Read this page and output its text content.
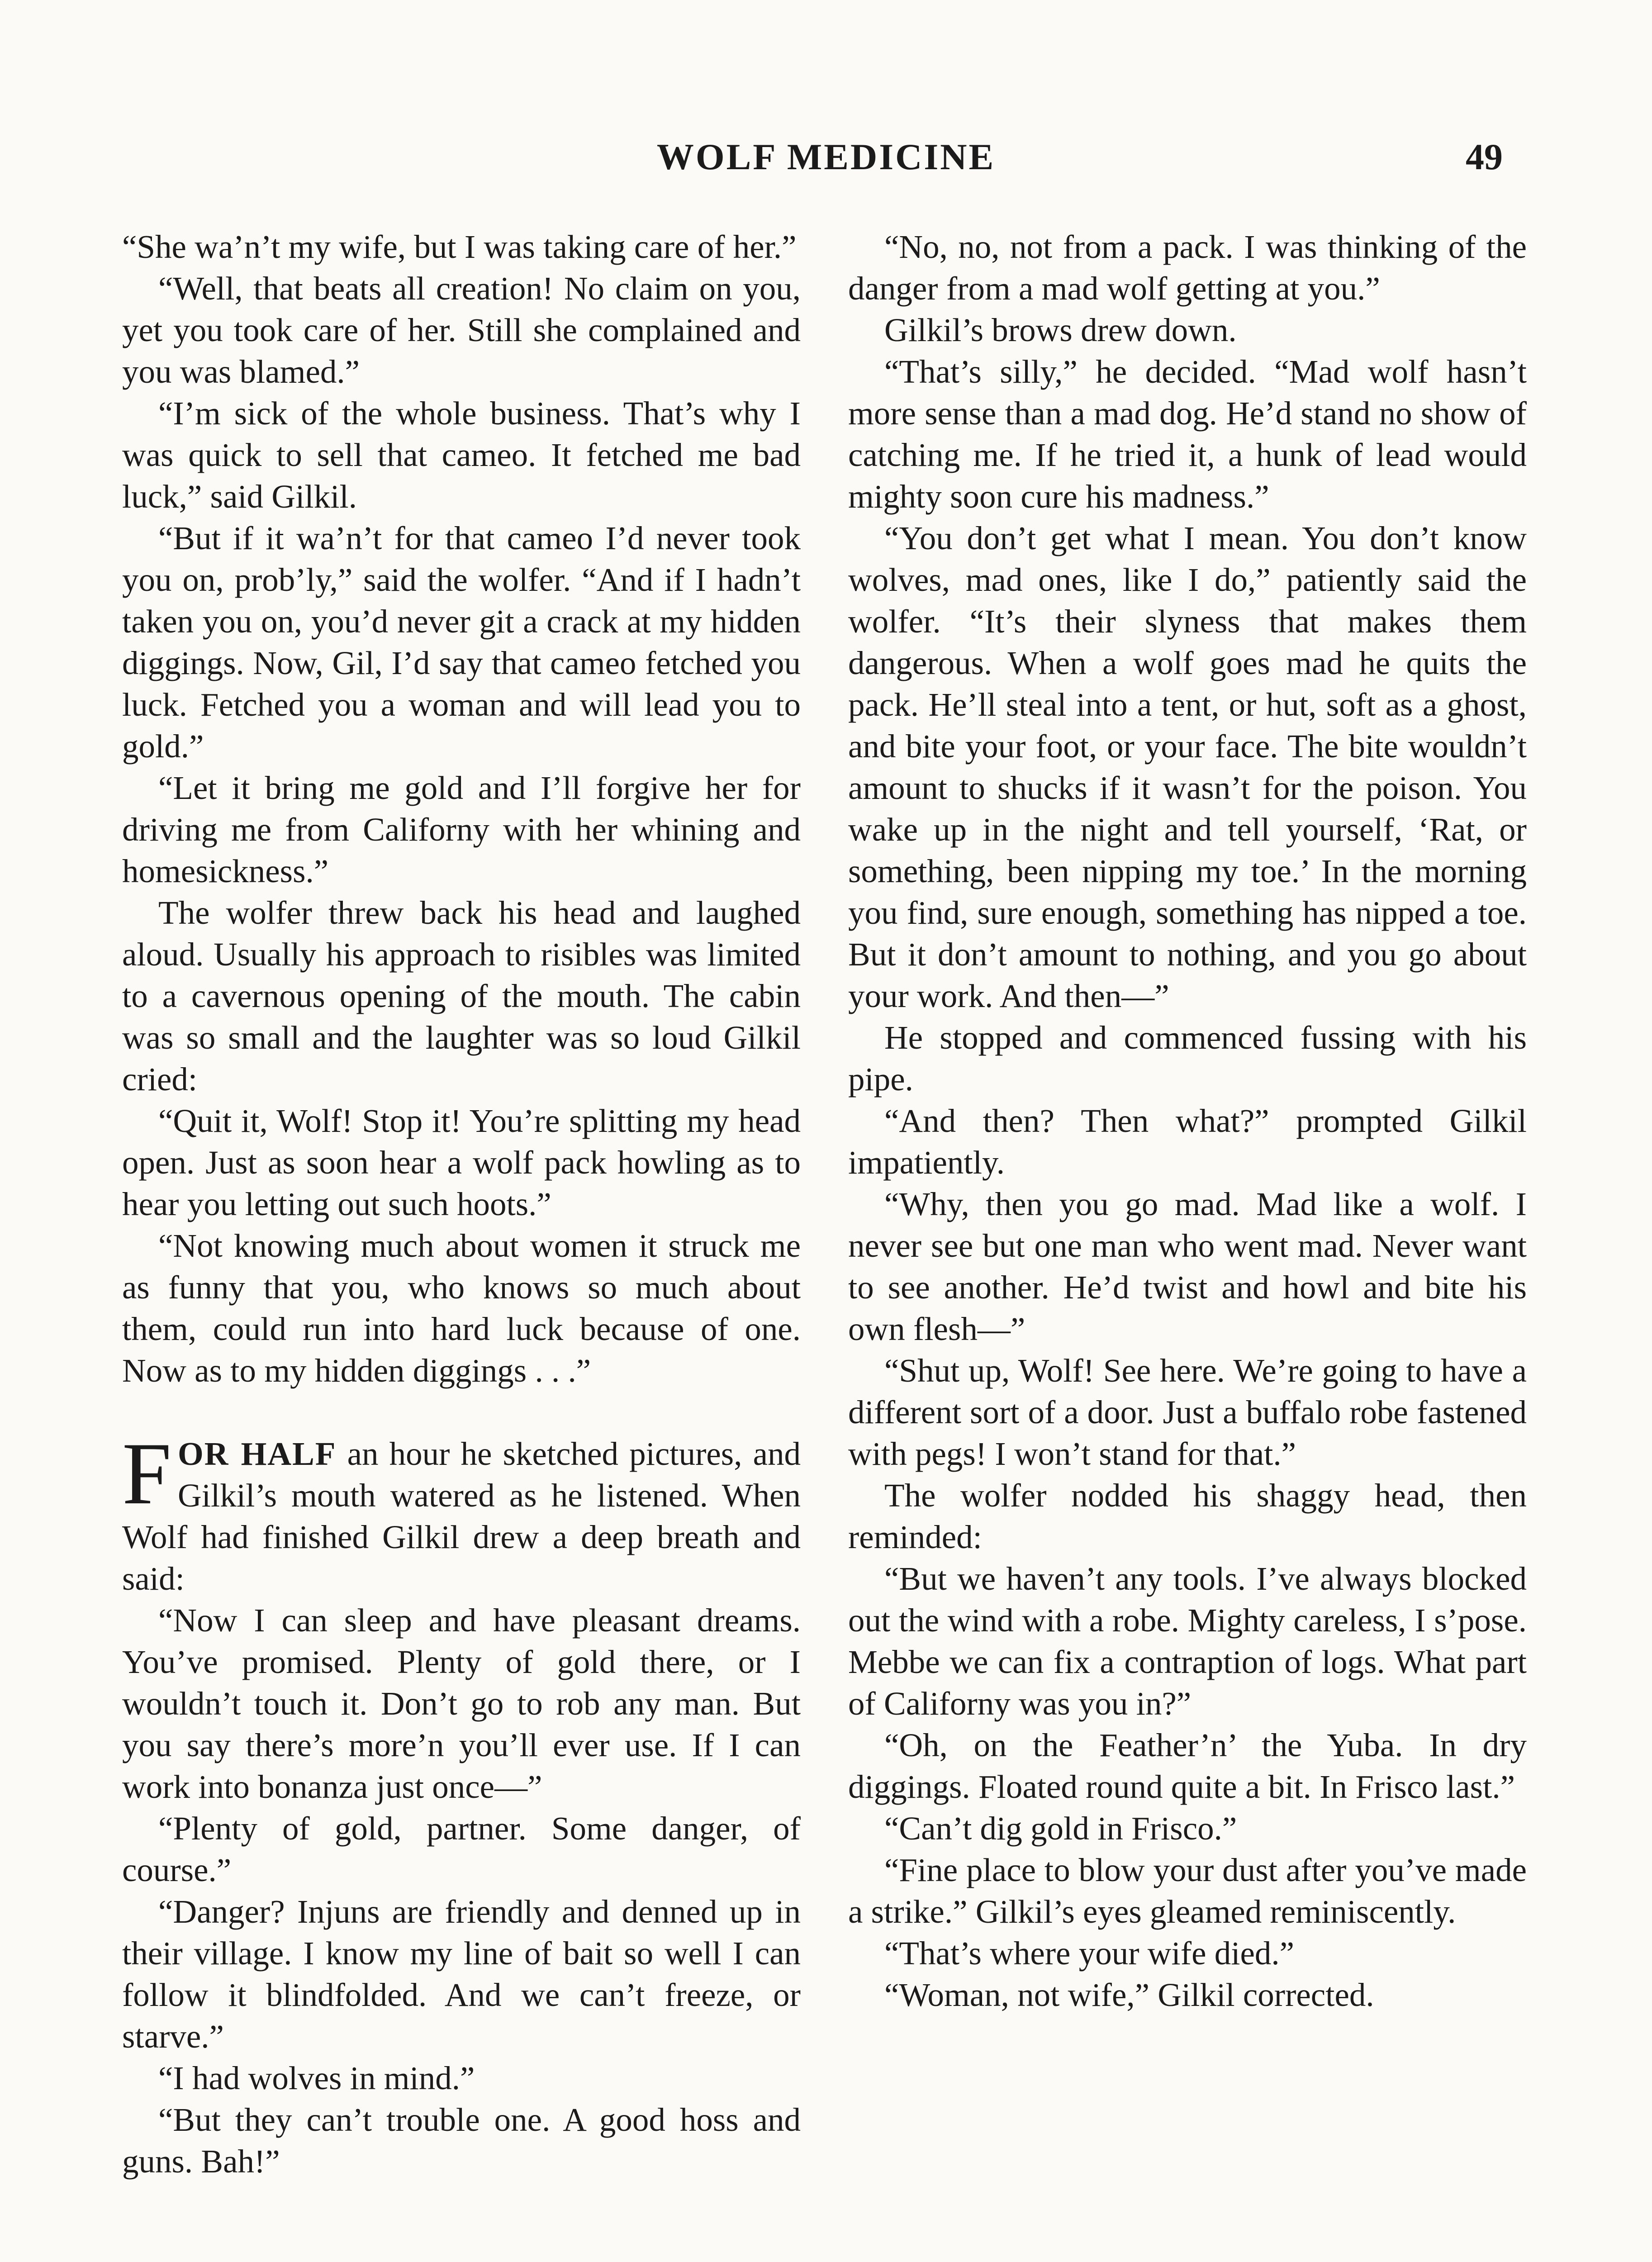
WOLF MEDICINE	49

“She wa’n’t my wife, but I was taking care of her.”

“Well, that beats all creation! No claim on you, yet you took care of her. Still she complained and you was blamed.”

“I’m sick of the whole business. That’s why I was quick to sell that cameo. It fetched me bad luck,” said Gilkil.

“But if it wa’n’t for that cameo I’d never took you on, prob’ly,” said the wolfer. “And if I hadn’t taken you on, you’d never git a crack at my hidden diggings. Now, Gil, I’d say that cameo fetched you luck. Fetched you a woman and will lead you to gold.”

“Let it bring me gold and I’ll forgive her for driving me from Californy with her whining and homesickness.”

The wolfer threw back his head and laughed aloud. Usually his approach to risibles was limited to a cavernous opening of the mouth. The cabin was so small and the laughter was so loud Gilkil cried:

“Quit it, Wolf! Stop it! You’re splitting my head open. Just as soon hear a wolf pack howling as to hear you letting out such hoots.”

“Not knowing much about women it struck me as funny that you, who knows so much about them, could run into hard luck because of one. Now as to my hidden diggings . . .”

FOR HALF an hour he sketched pictures, and Gilkil’s mouth watered as he listened. When Wolf had finished Gilkil drew a deep breath and said:

“Now I can sleep and have pleasant dreams. You’ve promised. Plenty of gold there, or I wouldn’t touch it. Don’t go to rob any man. But you say there’s more’n you’ll ever use. If I can work into bonanza just once—”

“Plenty of gold, partner. Some danger, of course.”

“Danger? Injuns are friendly and denned up in their village. I know my line of bait so well I can follow it blindfolded. And we can’t freeze, or starve.”

“I had wolves in mind.”

“But they can’t trouble one. A good hoss and guns. Bah!”

“No, no, not from a pack. I was thinking of the danger from a mad wolf getting at you.”

Gilkil’s brows drew down.

“That’s silly,” he decided. “Mad wolf hasn’t more sense than a mad dog. He’d stand no show of catching me. If he tried it, a hunk of lead would mighty soon cure his madness.”

“You don’t get what I mean. You don’t know wolves, mad ones, like I do,” patiently said the wolfer. “It’s their slyness that makes them dangerous. When a wolf goes mad he quits the pack. He’ll steal into a tent, or hut, soft as a ghost, and bite your foot, or your face. The bite wouldn’t amount to shucks if it wasn’t for the poison. You wake up in the night and tell yourself, ‘Rat, or something, been nipping my toe.’ In the morning you find, sure enough, something has nipped a toe. But it don’t amount to nothing, and you go about your work. And then—”

He stopped and commenced fussing with his pipe.

“And then? Then what?” prompted Gilkil impatiently.

“Why, then you go mad. Mad like a wolf. I never see but one man who went mad. Never want to see another. He’d twist and howl and bite his own flesh—”

“Shut up, Wolf! See here. We’re going to have a different sort of a door. Just a buffalo robe fastened with pegs! I won’t stand for that.”

The wolfer nodded his shaggy head, then reminded:

“But we haven’t any tools. I’ve always blocked out the wind with a robe. Mighty careless, I s’pose. Mebbe we can fix a contraption of logs. What part of Californy was you in?”

“Oh, on the Feather’n’ the Yuba. In dry diggings. Floated round quite a bit. In Frisco last.”

“Can’t dig gold in Frisco.”

“Fine place to blow your dust after you’ve made a strike.” Gilkil’s eyes gleamed reminiscently.

“That’s where your wife died.”

“Woman, not wife,” Gilkil corrected.
